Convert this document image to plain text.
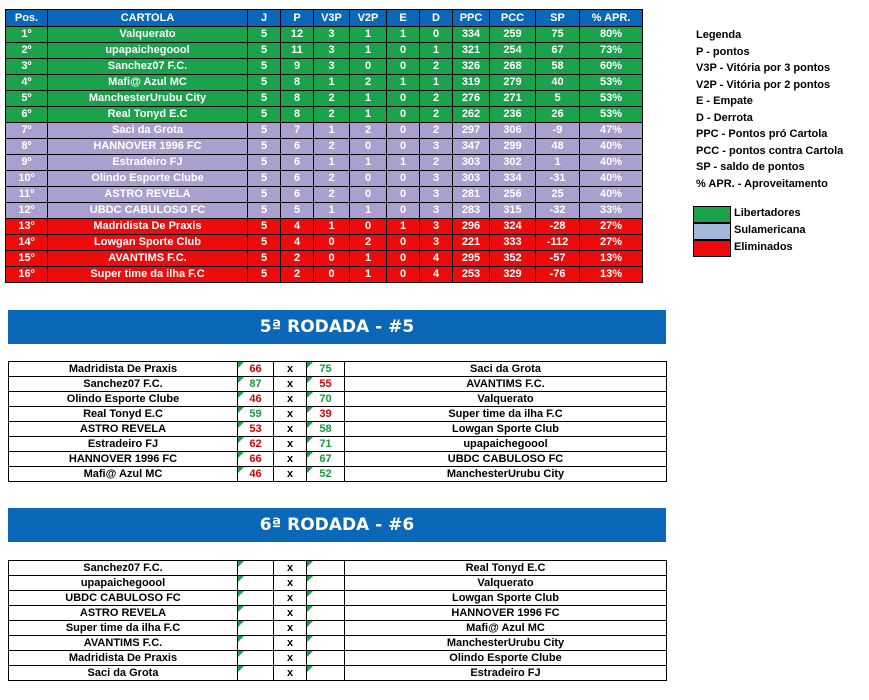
Pos.	CARTOLA	J	P	V3P	V2P	E	D	PPC	PCC	SP	% APR.
1º	Valquerato	5	12	3	1	1	0	334	259	75	80%
2º	upapaichegoool	5	11	3	1	0	1	321	254	67	73%
3º	Sanchez07 F.C.	5	9	3	0	0	2	326	268	58	60%
4º	Mafi@ Azul MC	5	8	1	2	1	1	319	279	40	53%
5º	ManchesterUrubu City	5	8	2	1	0	2	276	271	5	53%
6º	Real Tonyd E.C	5	8	2	1	0	2	262	236	26	53%
7º	Saci da Grota	5	7	1	2	0	2	297	306	-9	47%
8º	HANNOVER 1996 FC	5	6	2	0	0	3	347	299	48	40%
9º	Estradeiro FJ	5	6	1	1	1	2	303	302	1	40%
10º	Olindo Esporte Clube	5	6	2	0	0	3	303	334	-31	40%
11º	ASTRO REVELA	5	6	2	0	0	3	281	256	25	40%
12º	UBDC CABULOSO FC	5	5	1	1	0	3	283	315	-32	33%
13º	Madridista De Praxis	5	4	1	0	1	3	296	324	-28	27%
14º	Lowgan Sporte Club	5	4	0	2	0	3	221	333	-112	27%
15º	AVANTIMS F.C.	5	2	0	1	0	4	295	352	-57	13%
16º	Super time da ilha F.C	5	2	0	1	0	4	253	329	-76	13%
Legenda
P - pontos
V3P - Vitória por 3 pontos
V2P - Vitória por 2 pontos
E - Empate
D - Derrota
PPC - Pontos pró Cartola
PCC - pontos contra Cartola
SP - saldo de pontos
% APR. - Aproveitamento
Libertadores
Sulamericana
Eliminados
5ª RODADA - #5
Madridista De Praxis	66	x	75	Saci da Grota
Sanchez07 F.C.	87	x	55	AVANTIMS F.C.
Olindo Esporte Clube	46	x	70	Valquerato
Real Tonyd E.C	59	x	39	Super time da ilha F.C
ASTRO REVELA	53	x	58	Lowgan Sporte Club
Estradeiro FJ	62	x	71	upapaichegoool
HANNOVER 1996 FC	66	x	67	UBDC CABULOSO FC
Mafi@ Azul MC	46	x	52	ManchesterUrubu City
6ª RODADA - #6
Sanchez07 F.C.		x		Real Tonyd E.C
upapaichegoool		x		Valquerato
UBDC CABULOSO FC		x		Lowgan Sporte Club
ASTRO REVELA		x		HANNOVER 1996 FC
Super time da ilha F.C		x		Mafi@ Azul MC
AVANTIMS F.C.		x		ManchesterUrubu City
Madridista De Praxis		x		Olindo Esporte Clube
Saci da Grota		x		Estradeiro FJ
